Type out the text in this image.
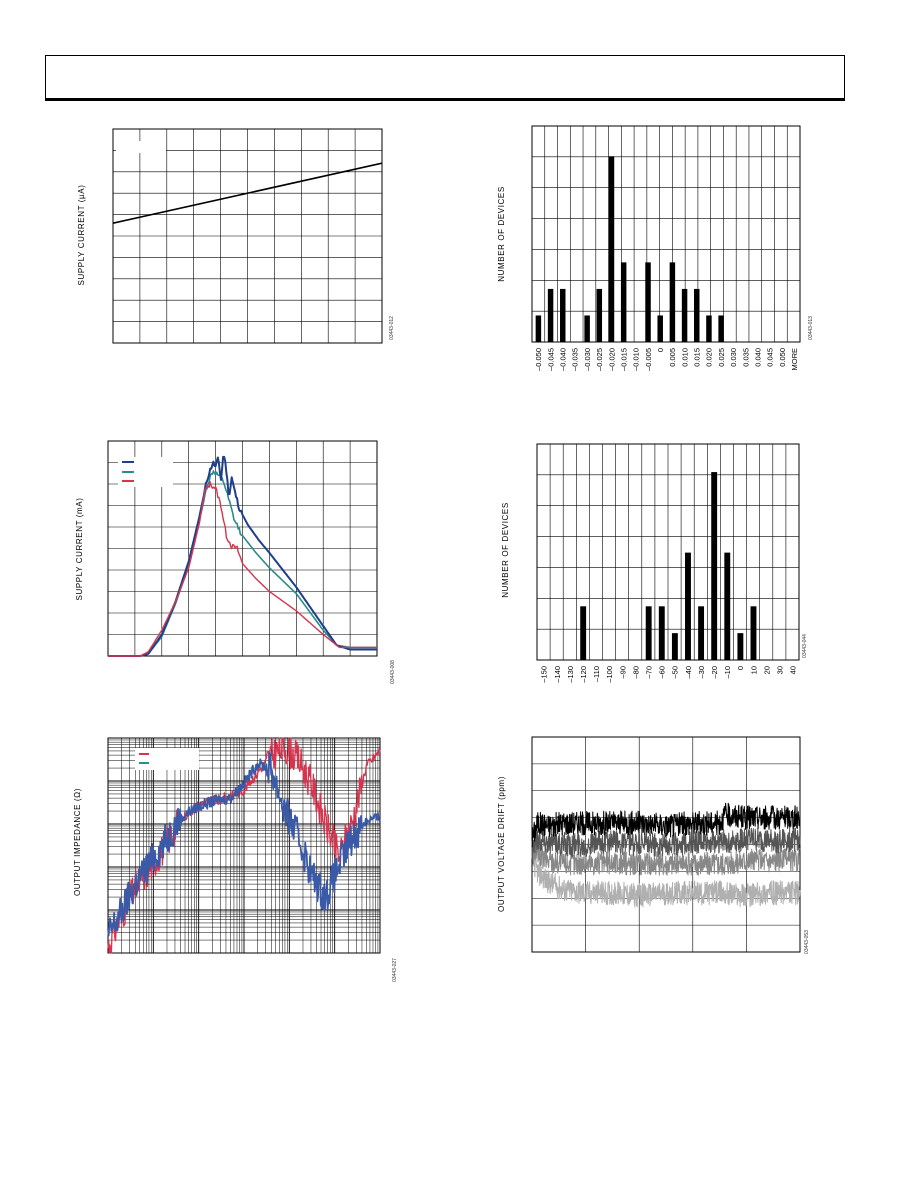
SUPPLY CURRENT (µA)
03443-012
NUMBER OF DEVICES
03443-013
–0.050 –0.045 –0.040 –0.035 –0.030 –0.025 –0.020 –0.015 –0.010 –0.005 0 0.005 0.010 0.015 0.020 0.025 0.030 0.035 0.040 0.045 0.050 MORE
SUPPLY CURRENT (mA)
03443-008
NUMBER OF DEVICES
03443-044
–150 –140 –130 –120 –110 –100 –90 –80 –70 –60 –50 –40 –30 –20 –10 0 10 20 30 40
OUTPUT IMPEDANCE (Ω)
03443-027
OUTPUT VOLTAGE DRIFT (ppm)
03443-053
